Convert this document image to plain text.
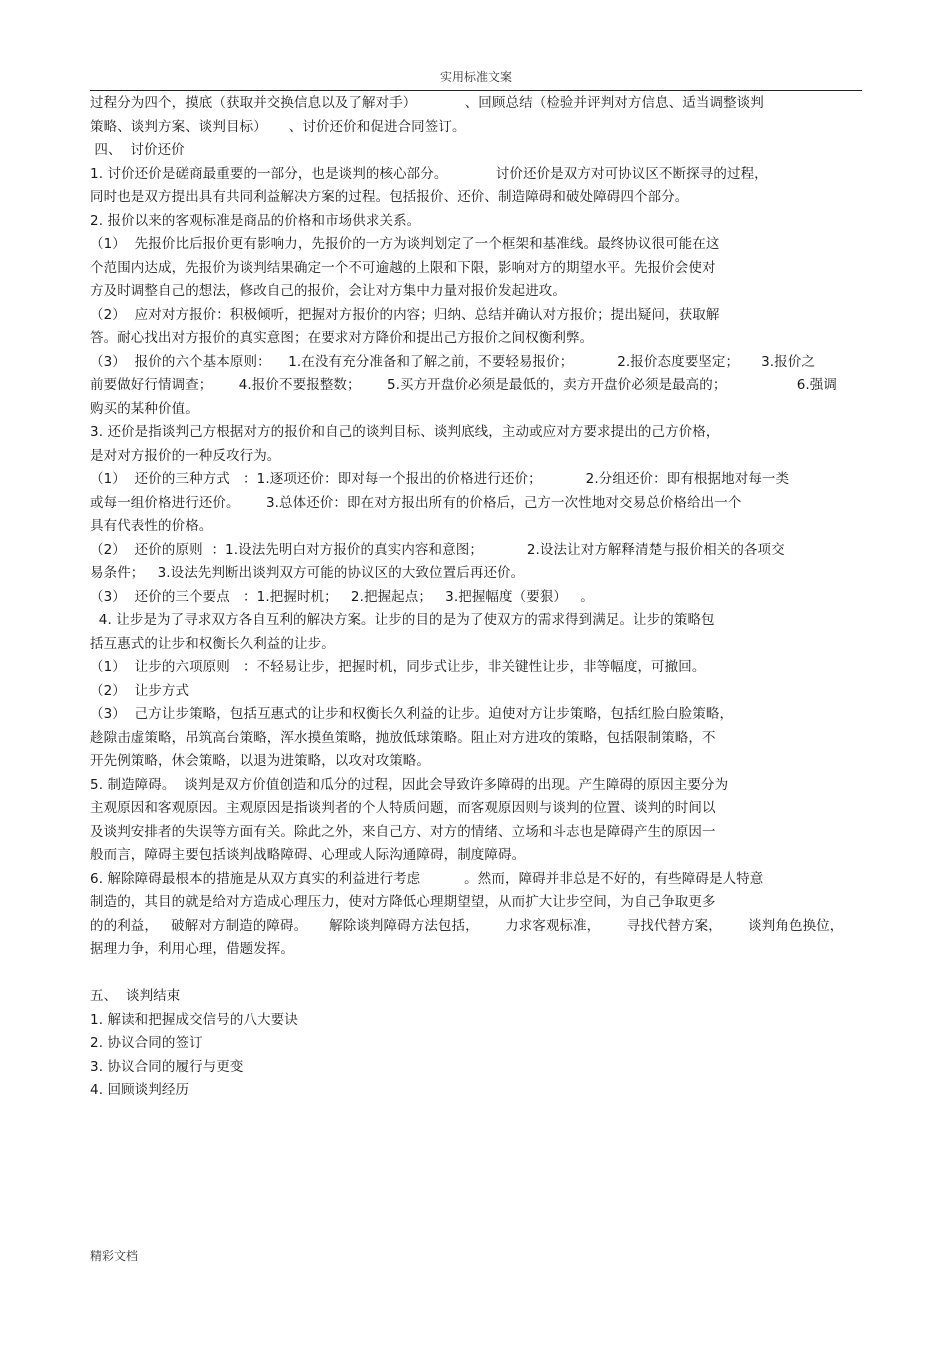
实用标准文案
过程分为四个，摸底（获取并交换信息以及了解对手）           、回顾总结（检验并评判对方信息、适当调整谈判
策略、谈判方案、谈判目标）     、讨价还价和促进合同签订。
四、  讨价还价
1. 讨价还价是磋商最重要的一部分，也是谈判的核心部分。           讨价还价是双方对可协议区不断探寻的过程，
同时也是双方提出具有共同利益解决方案的过程。包括报价、还价、制造障碍和破处障碍四个部分。
2. 报价以来的客观标准是商品的价格和市场供求关系。
（1）  先报价比后报价更有影响力，先报价的一方为谈判划定了一个框架和基准线。最终协议很可能在这
个范围内达成，先报价为谈判结果确定一个不可逾越的上限和下限，影响对方的期望水平。先报价会使对
方及时调整自己的想法，修改自己的报价，会让对方集中力量对报价发起进攻。
（2）  应对对方报价：积极倾听，把握对方报价的内容；归纳、总结并确认对方报价；提出疑问，获取解
答。耐心找出对方报价的真实意图；在要求对方降价和提出己方报价之间权衡利弊。
（3）  报价的六个基本原则：    1.在没有充分准备和了解之前，不要轻易报价；          2.报价态度要坚定；     3.报价之
前要做好行情调查；      4.报价不要报整数；      5.买方开盘价必须是最低的，卖方开盘价必须是最高的；                6.强调
购买的某种价值。
3. 还价是指谈判己方根据对方的报价和自己的谈判目标、谈判底线，主动或应对方要求提出的己方价格，
是对对方报价的一种反攻行为。
（1）  还价的三种方式   ：1.逐项还价：即对每一个报出的价格进行还价；          2.分组还价：即有根据地对每一类
或每一组价格进行还价。      3.总体还价：即在对方报出所有的价格后，己方一次性地对交易总价格给出一个
具有代表性的价格。
（2）  还价的原则  ：1.设法先明白对方报价的真实内容和意图；          2.设法让对方解释清楚与报价相关的各项交
易条件；   3.设法先判断出谈判双方可能的协议区的大致位置后再还价。
（3）  还价的三个要点   ：1.把握时机；   2.把握起点；   3.把握幅度（要狠）   。
4. 让步是为了寻求双方各自互利的解决方案。让步的目的是为了使双方的需求得到满足。让步的策略包
括互惠式的让步和权衡长久利益的让步。
（1）  让步的六项原则   ：不轻易让步，把握时机，同步式让步，非关键性让步，非等幅度，可撤回。
（2）  让步方式
（3）  己方让步策略，包括互惠式的让步和权衡长久利益的让步。迫使对方让步策略，包括红脸白脸策略，
趁隙击虚策略，吊筑高台策略，浑水摸鱼策略，抛放低球策略。阻止对方进攻的策略，包括限制策略，不
开先例策略，休会策略，以退为进策略，以攻对攻策略。
5. 制造障碍。  谈判是双方价值创造和瓜分的过程，因此会导致许多障碍的出现。产生障碍的原因主要分为
主观原因和客观原因。主观原因是指谈判者的个人特质问题，而客观原因则与谈判的位置、谈判的时间以
及谈判安排者的失误等方面有关。除此之外，来自己方、对方的情绪、立场和斗志也是障碍产生的原因一
般而言，障碍主要包括谈判战略障碍、心理或人际沟通障碍，制度障碍。
6. 解除障碍最根本的措施是从双方真实的利益进行考虑          。然而，障碍并非总是不好的，有些障碍是人特意
制造的，其目的就是给对方造成心理压力，使对方降低心理期望望，从而扩大让步空间，为自己争取更多
的的利益，   破解对方制造的障碍。     解除谈判障碍方法包括，      力求客观标准，      寻找代替方案，      谈判角色换位，
据理力争，利用心理，借题发挥。
五、  谈判结束
1. 解读和把握成交信号的八大要诀
2. 协议合同的签订
3. 协议合同的履行与更变
4. 回顾谈判经历
精彩文档
